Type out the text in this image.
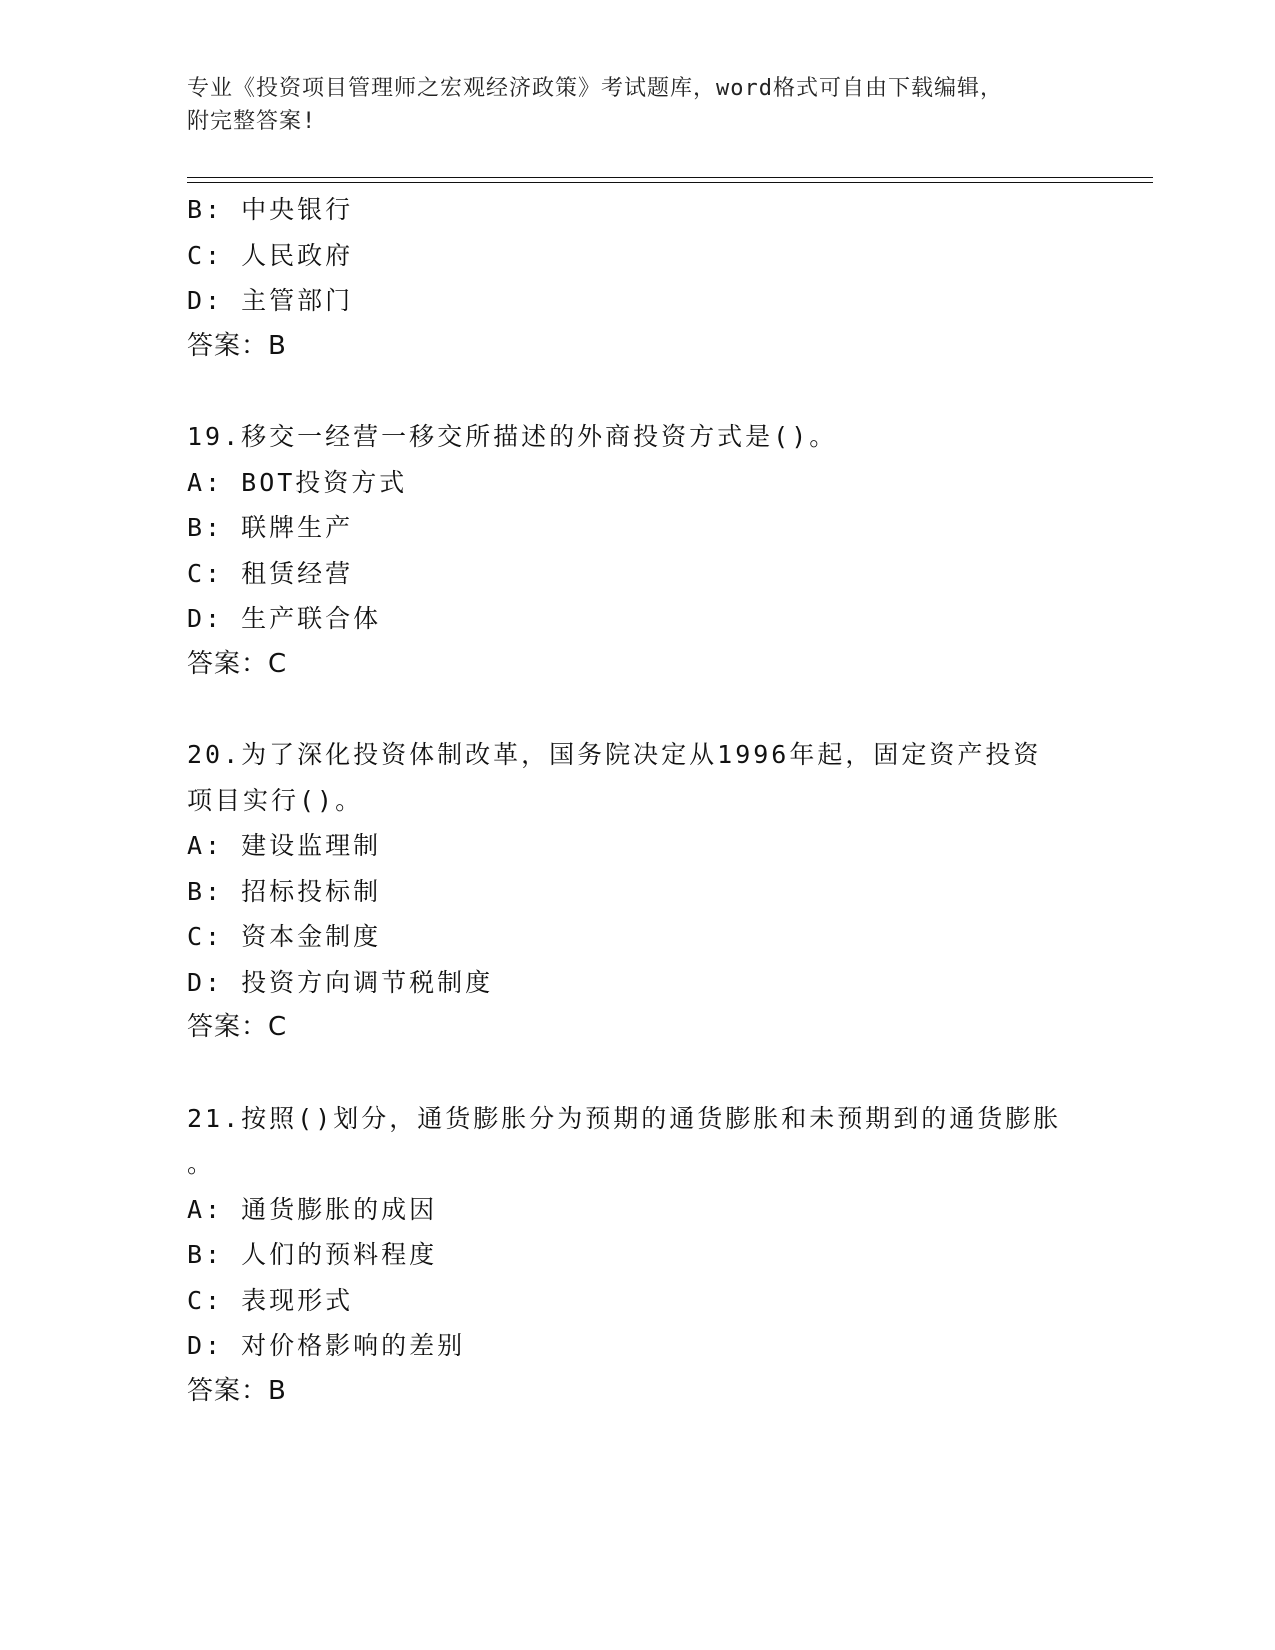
专业《投资项目管理师之宏观经济政策》考试题库，word格式可自由下载编辑，
附完整答案!
B: 中央银行
C: 人民政府
D: 主管部门
答案：B
19.移交一经营一移交所描述的外商投资方式是()。
A: BOT投资方式
B: 联牌生产
C: 租赁经营
D: 生产联合体
答案：C
20.为了深化投资体制改革，国务院决定从1996年起，固定资产投资
项目实行()。
A: 建设监理制
B: 招标投标制
C: 资本金制度
D: 投资方向调节税制度
答案：C
21.按照()划分，通货膨胀分为预期的通货膨胀和未预期到的通货膨胀
。
A: 通货膨胀的成因
B: 人们的预料程度
C: 表现形式
D: 对价格影响的差别
答案：B
